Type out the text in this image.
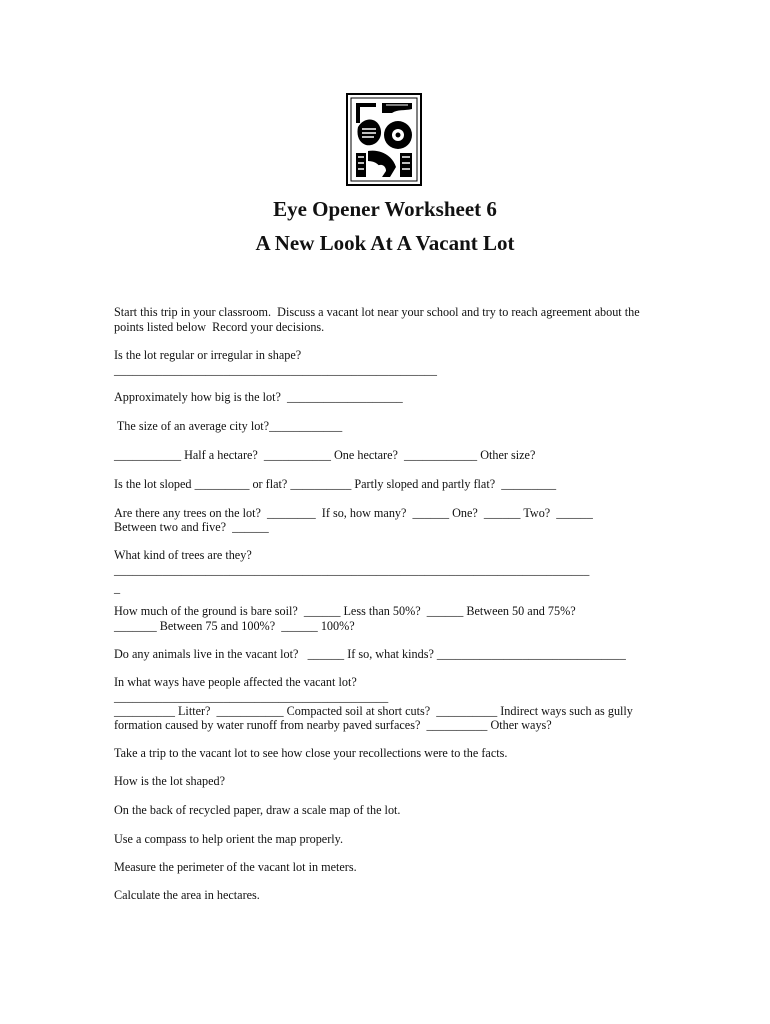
Eye Opener Worksheet 6
A New Look At A Vacant Lot
Start this trip in your classroom.  Discuss a vacant lot near your school and try to reach agreement about the
points listed below  Record your decisions.
Is the lot regular or irregular in shape?
_____________________________________________________
Approximately how big is the lot?  ___________________
The size of an average city lot?____________
___________ Half a hectare?  ___________ One hectare?  ____________ Other size?
Is the lot sloped _________ or flat? __________ Partly sloped and partly flat?  _________
Are there any trees on the lot?  ________  If so, how many?  ______ One?  ______ Two?  ______
Between two and five?  ______
What kind of trees are they?
______________________________________________________________________________
_
How much of the ground is bare soil?  ______ Less than 50%?  ______ Between 50 and 75%?
_______ Between 75 and 100%?  ______ 100%?
Do any animals live in the vacant lot?   ______ If so, what kinds? _______________________________
In what ways have people affected the vacant lot?
_____________________________________________
__________ Litter?  ___________ Compacted soil at short cuts?  __________ Indirect ways such as gully
formation caused by water runoff from nearby paved surfaces?  __________ Other ways?
Take a trip to the vacant lot to see how close your recollections were to the facts.
How is the lot shaped?
On the back of recycled paper, draw a scale map of the lot.
Use a compass to help orient the map properly.
Measure the perimeter of the vacant lot in meters.
Calculate the area in hectares.
